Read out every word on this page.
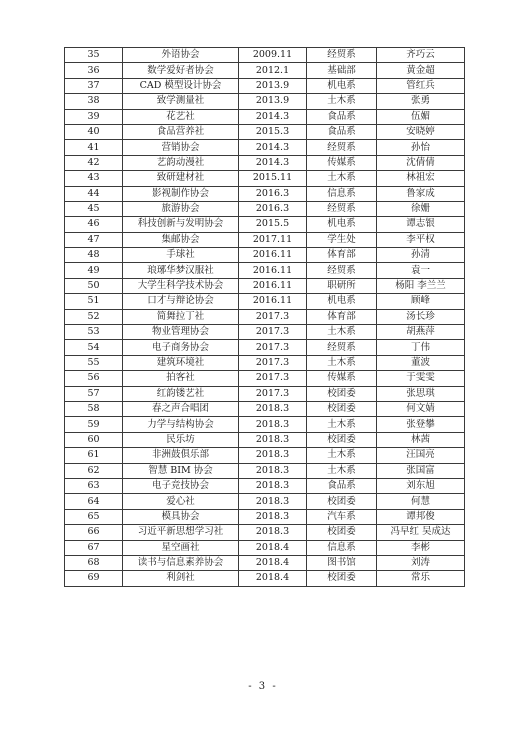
35	外语协会	2009.11	经贸系	齐巧云
36	数学爱好者协会	2012.1	基础部	黄金超
37	CAD 模型设计协会	2013.9	机电系	管红兵
38	致学测量社	2013.9	土木系	张勇
39	花艺社	2014.3	食品系	伍媚
40	食品营养社	2015.3	食品系	安晓婷
41	营销协会	2014.3	经贸系	孙怡
42	艺韵动漫社	2014.3	传媒系	沈倩倩
43	致研建材社	2015.11	土木系	林祖宏
44	影视制作协会	2016.3	信息系	鲁家成
45	旅游协会	2016.3	经贸系	徐姗
46	科技创新与发明协会	2015.5	机电系	谭志银
47	集邮协会	2017.11	学生处	李平权
48	手球社	2016.11	体育部	孙清
49	琅琊华梦汉服社	2016.11	经贸系	袁一
50	大学生科学技术协会	2016.11	职研所	杨阳 李兰兰
51	口才与辩论协会	2016.11	机电系	顾峰
52	简舞拉丁社	2017.3	体育部	汤长珍
53	物业管理协会	2017.3	土木系	胡燕萍
54	电子商务协会	2017.3	经贸系	丁伟
55	建筑环境社	2017.3	土木系	董波
56	拍客社	2017.3	传媒系	于雯雯
57	红韵镂艺社	2017.3	校团委	张思琪
58	春之声合唱团	2018.3	校团委	何文婧
59	力学与结构协会	2018.3	土木系	张登攀
60	民乐坊	2018.3	校团委	林茜
61	非洲鼓俱乐部	2018.3	土木系	汪国亮
62	智慧 BIM 协会	2018.3	土木系	张国富
63	电子竞技协会	2018.3	食品系	刘东旭
64	爱心社	2018.3	校团委	何慧
65	模具协会	2018.3	汽车系	谭邦俊
66	习近平新思想学习社	2018.3	校团委	冯早红 吴成达
67	星空画社	2018.4	信息系	李彬
68	读书与信息素养协会	2018.4	图书馆	刘涛
69	利剑社	2018.4	校团委	常乐
- 3 -
